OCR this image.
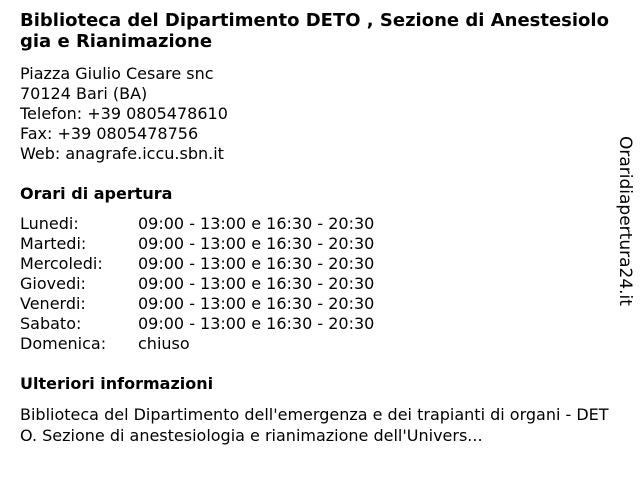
Biblioteca del Dipartimento DETO , Sezione di Anestesiologia e Rianimazione
Piazza Giulio Cesare snc
70124 Bari (BA)
Telefon: +39 0805478610
Fax: +39 0805478756
Web: anagrafe.iccu.sbn.it
Orari di apertura
Lunedi:	09:00 - 13:00 e 16:30 - 20:30
Martedi:	09:00 - 13:00 e 16:30 - 20:30
Mercoledi:	09:00 - 13:00 e 16:30 - 20:30
Giovedi:	09:00 - 13:00 e 16:30 - 20:30
Venerdi:	09:00 - 13:00 e 16:30 - 20:30
Sabato:	09:00 - 13:00 e 16:30 - 20:30
Domenica:	chiuso
Ulteriori informazioni
Biblioteca del Dipartimento dell'emergenza e dei trapianti di organi - DETO. Sezione di anestesiologia e rianimazione dell'Univers...
Oraridiapertura24.it
